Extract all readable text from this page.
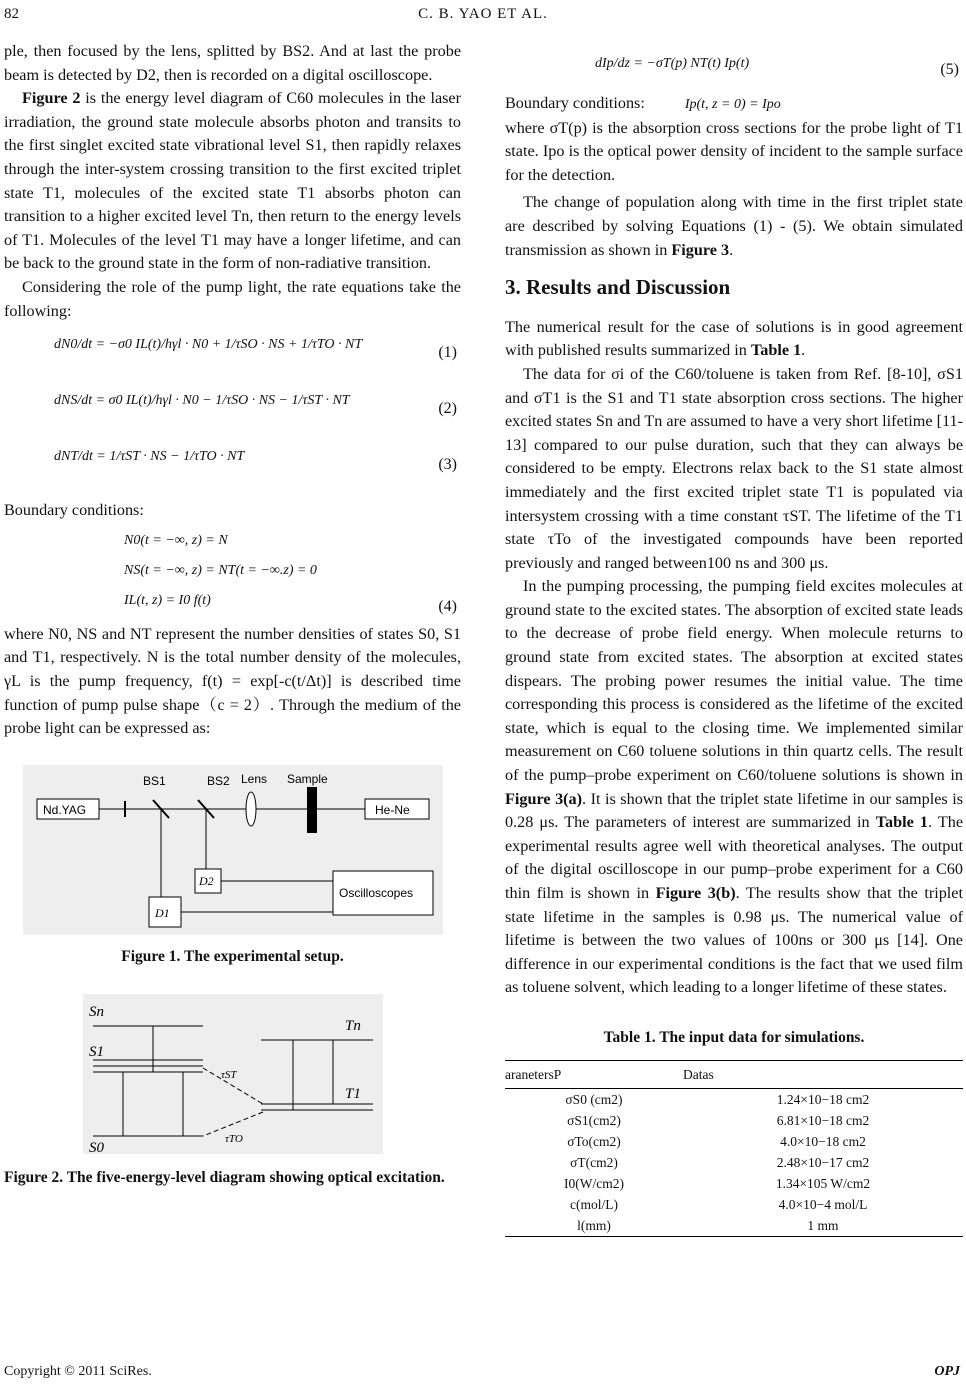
82	C. B. YAO ET AL.

ple, then focused by the lens, splitted by BS2. And at last the probe beam is detected by D2, then is recorded on a digital oscilloscope.

Figure 2 is the energy level diagram of C60 molecules in the laser irradiation, the ground state molecule absorbs photon and transits to the first singlet excited state vibrational level S1, then rapidly relaxes through the inter-system crossing transition to the first excited triplet state T1, molecules of the excited state T1 absorbs photon can transition to a higher excited level Tn, then return to the energy levels of T1. Molecules of the level T1 may have a longer lifetime, and can be back to the ground state in the form of non-radiative transition.

Considering the role of the pump light, the rate equations take the following:

dN0/dt = −σ0 IL(t)/hγl · N0 + 1/τSO · NS + 1/τTO · NT	(1)
dNS/dt = σ0 IL(t)/hγl · N0 − 1/τSO · NS − 1/τST · NT	(2)
dNT/dt = 1/τST · NS − 1/τTO · NT	(3)

Boundary conditions:

N0(t = −∞, z) = N
NS(t = −∞, z) = NT(t = −∞.z) = 0
IL(t, z) = I0 f(t)	(4)

where N0, NS and NT represent the number densities of states S0, S1 and T1, respectively. N is the total number density of the molecules, γL is the pump frequency, f(t) = exp[-c(t/Δt)] is described time function of pump pulse shape（c = 2）. Through the medium of the probe light can be expressed as:

Nd.YAG
BS1	BS2 Lens Sample
He-Ne
D2
D1
Oscilloscopes
Figure 1. The experimental setup.
Sn
S1
S0
Tn
T1
τST
τTO

Figure 2. The five-energy-level diagram showing optical excitation.

dIp/dz = −σT(p) NT(t) Ip(t)	(5)

Boundary conditions:	Ip(t, z = 0) = Ipo

where σT(p) is the absorption cross sections for the probe light of T1 state. Ipo is the optical power density of incident to the sample surface for the detection.

The change of population along with time in the first triplet state are described by solving Equations (1) - (5). We obtain simulated transmission as shown in Figure 3.

3. Results and Discussion

The numerical result for the case of solutions is in good agreement with published results summarized in Table 1.

The data for σi of the C60/toluene is taken from Ref. [8-10], σS1 and σT1 is the S1 and T1 state absorption cross sections. The higher excited states Sn and Tn are assumed to have a very short lifetime [11-13] compared to our pulse duration, such that they can always be considered to be empty. Electrons relax back to the S1 state almost immediately and the first excited triplet state T1 is populated via intersystem crossing with a time constant τST. The lifetime of the T1 state τTo of the investigated compounds have been reported previously and ranged between100 ns and 300 μs.

In the pumping processing, the pumping field excites molecules at ground state to the excited states. The absorption of excited state leads to the decrease of probe field energy. When molecule returns to ground state from excited states. The absorption at excited states dispears. The probing power resumes the initial value. The time corresponding this process is considered as the lifetime of the excited state, which is equal to the closing time. We implemented similar measurement on C60 toluene solutions in thin quartz cells. The result of the pump–probe experiment on C60/toluene solutions is shown in Figure 3(a). It is shown that the triplet state lifetime in our samples is 0.28 μs. The parameters of interest are summarized in Table 1. The experimental results agree well with theoretical analyses. The output of the digital oscilloscope in our pump–probe experiment for a C60 thin film is shown in Figure 3(b). The results show that the triplet state lifetime in the samples is 0.98 μs. The numerical value of lifetime is between the two values of 100ns or 300 μs [14]. One difference in our experimental conditions is the fact that we used film as toluene solvent, which leading to a longer lifetime of these states.

Table 1. The input data for simulations.
aranetersP	Datas
σS0 (cm2)	1.24×10−18 cm2
σS1(cm2)	6.81×10−18 cm2
σTo(cm2)	4.0×10−18 cm2
σT(cm2)	2.48×10−17 cm2
I0(W/cm2)	1.34×105 W/cm2
c(mol/L)	4.0×10−4 mol/L
l(mm)	1 mm
Copyright © 2011 SciRes.	OPJ
